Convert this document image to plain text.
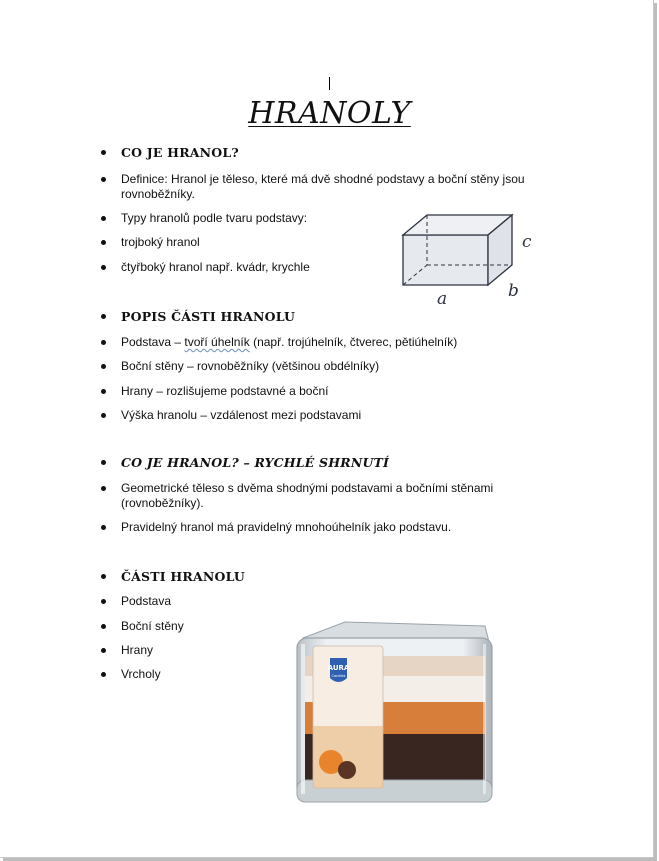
HRANOLY
CO JE HRANOL?
Definice: Hranol je těleso, které má dvě shodné podstavy a boční stěny jsou rovnoběžníky.
Typy hranolů podle tvaru podstavy:
trojboký hranol
čtyřboký hranol např. kvádr, krychle
a	b
c
POPIS ČÁSTI HRANOLU
Podstava – tvoří úhelník (např. trojúhelník, čtverec, pětiúhelník)
Boční stěny – rovnoběžníky (většinou obdélníky)
Hrany – rozlišujeme podstavné a boční
Výška hranolu – vzdálenost mezi podstavami
CO JE HRANOL? – RYCHLÉ SHRNUTÍ
Geometrické těleso s dvěma shodnými podstavami a bočními stěnami (rovnoběžníky).
Pravidelný hranol má pravidelný mnohoúhelník jako podstavu.
ČÁSTI HRANOLU
Podstava
Boční stěny
Hrany
Vrcholy	AURA
Candles
